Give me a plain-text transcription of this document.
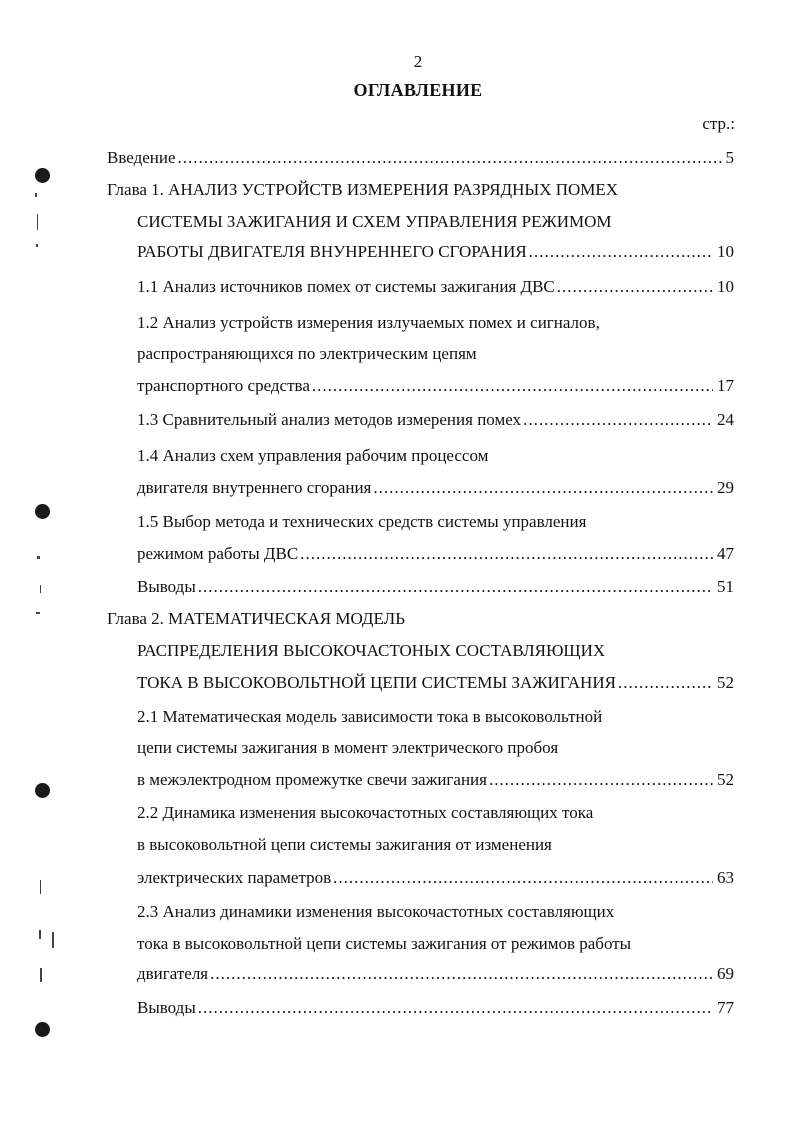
2
ОГЛАВЛЕНИЕ
стр.:
Введение .....	5
Глава 1. АНАЛИЗ УСТРОЙСТВ ИЗМЕРЕНИЯ РАЗРЯДНЫХ ПОМЕХ
СИСТЕМЫ ЗАЖИГАНИЯ И СХЕМ УПРАВЛЕНИЯ РЕЖИМОМ
РАБОТЫ ДВИГАТЕЛЯ ВНУНРЕННЕГО СГОРАНИЯ .....	10
1.1 Анализ источников помех от системы зажигания ДВС .....	10
1.2 Анализ устройств измерения излучаемых помех и сигналов,
распространяющихся по электрическим цепям
транспортного средства .....	17
1.3 Сравнительный анализ методов измерения помех .....	24
1.4 Анализ схем управления рабочим процессом
двигателя внутреннего сгорания .....	29
1.5 Выбор метода и технических средств системы управления
режимом работы ДВС .....	47
Выводы .....	51
Глава 2. МАТЕМАТИЧЕСКАЯ МОДЕЛЬ
РАСПРЕДЕЛЕНИЯ ВЫСОКОЧАСТОНЫХ СОСТАВЛЯЮЩИХ
ТОКА В ВЫСОКОВОЛЬТНОЙ ЦЕПИ СИСТЕМЫ ЗАЖИГАНИЯ .....	52
2.1 Математическая модель зависимости тока в высоковольтной
цепи системы зажигания в момент электрического пробоя
в межэлектродном промежутке свечи зажигания .....	52
2.2 Динамика изменения высокочастотных составляющих тока
в высоковольтной цепи системы зажигания от изменения
электрических параметров .....	63
2.3 Анализ динамики изменения высокочастотных составляющих
тока в высоковольтной цепи системы зажигания от режимов работы
двигателя .....	69
Выводы .....	77
